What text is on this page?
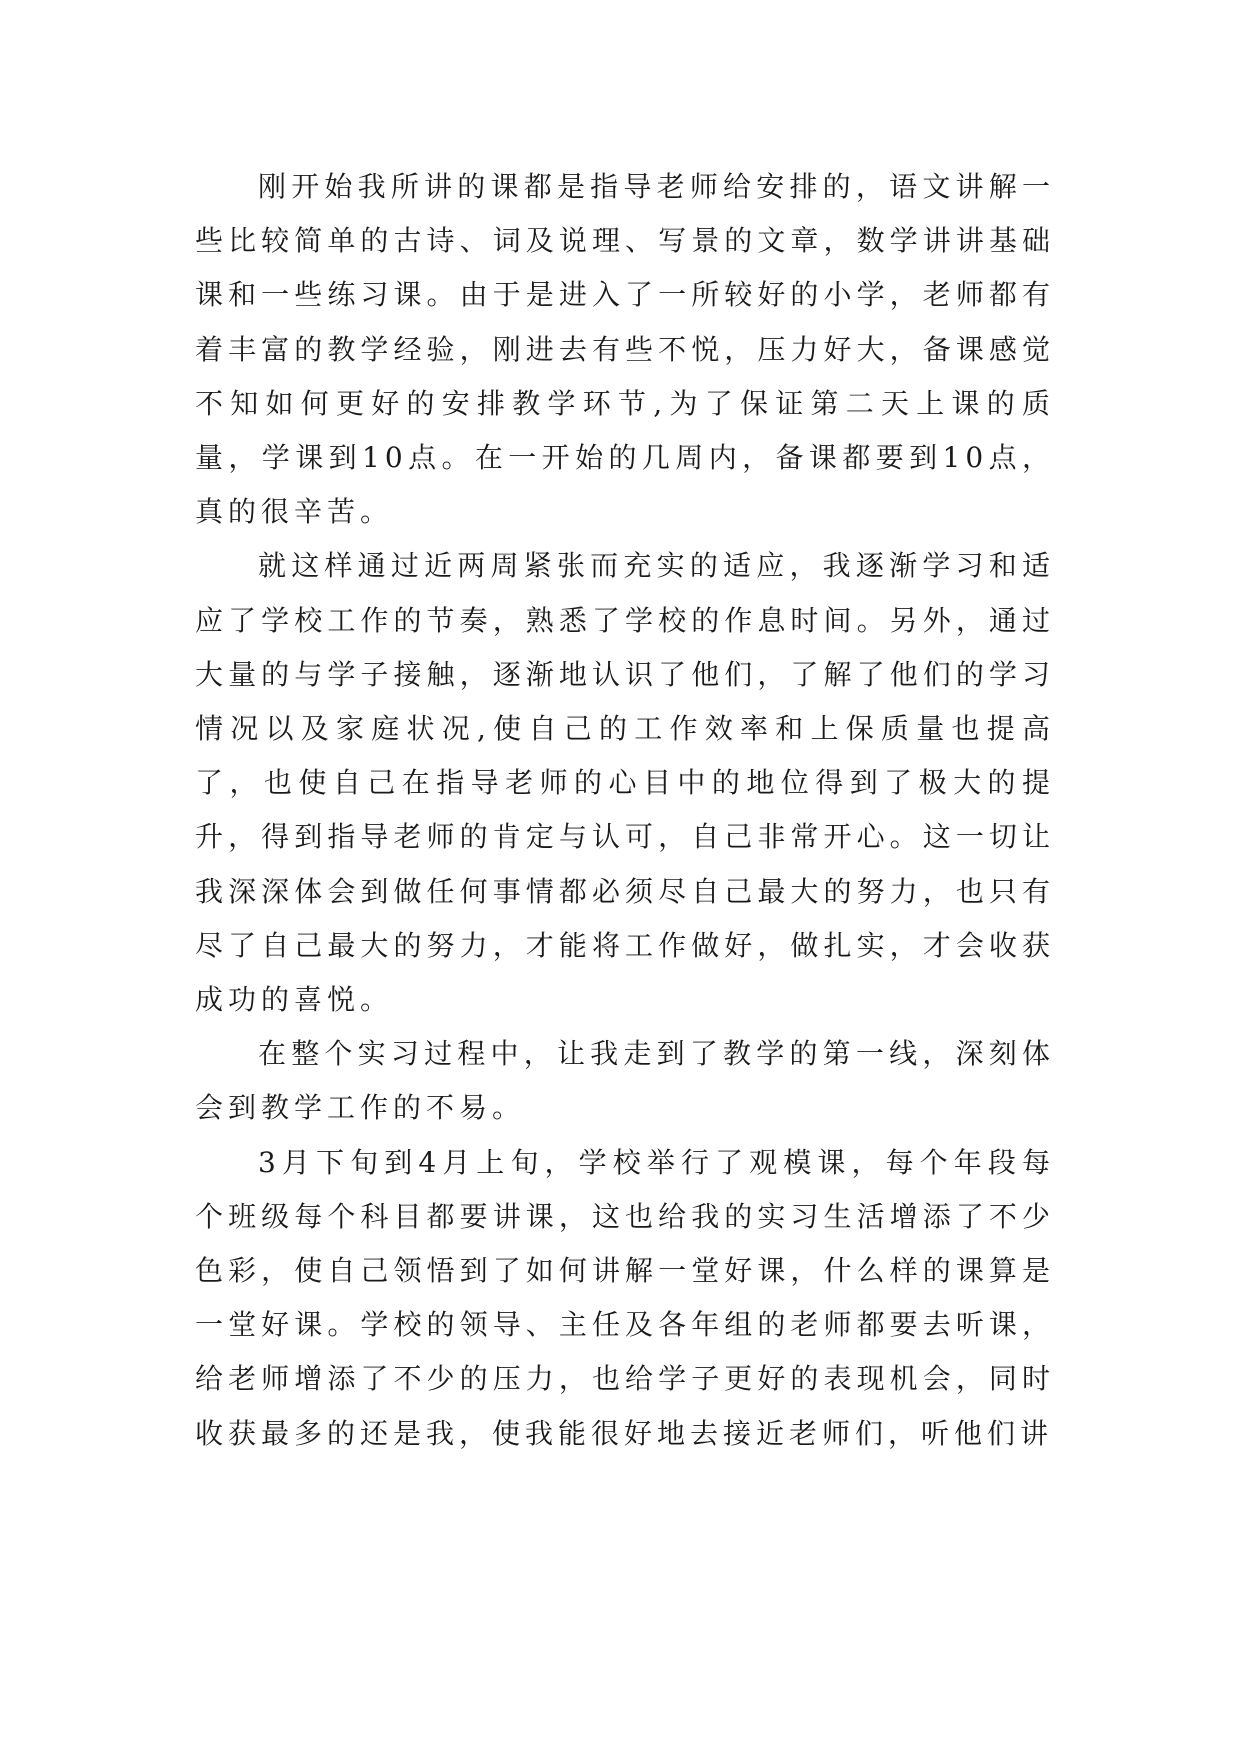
刚开始我所讲的课都是指导老师给安排的，语文讲解一些比较简单的古诗、词及说理、写景的文章，数学讲讲基础课和一些练习课。由于是进入了一所较好的小学，老师都有着丰富的教学经验，刚进去有些不悦，压力好大，备课感觉不知如何更好的安排教学环节,为了保证第二天上课的质量，学课到10点。在一开始的几周内，备课都要到10点，真的很辛苦。

就这样通过近两周紧张而充实的适应，我逐渐学习和适应了学校工作的节奏，熟悉了学校的作息时间。另外，通过大量的与学子接触，逐渐地认识了他们，了解了他们的学习情况以及家庭状况,使自己的工作效率和上保质量也提高了，也使自己在指导老师的心目中的地位得到了极大的提升，得到指导老师的肯定与认可，自己非常开心。这一切让我深深体会到做任何事情都必须尽自己最大的努力，也只有尽了自己最大的努力，才能将工作做好，做扎实，才会收获成功的喜悦。

在整个实习过程中，让我走到了教学的第一线，深刻体会到教学工作的不易。

3月下旬到4月上旬，学校举行了观模课，每个年段每个班级每个科目都要讲课，这也给我的实习生活增添了不少色彩，使自己领悟到了如何讲解一堂好课，什么样的课算是一堂好课。学校的领导、主任及各年组的老师都要去听课，给老师增添了不少的压力，也给学子更好的表现机会，同时收获最多的还是我，使我能很好地去接近老师们，听他们讲
